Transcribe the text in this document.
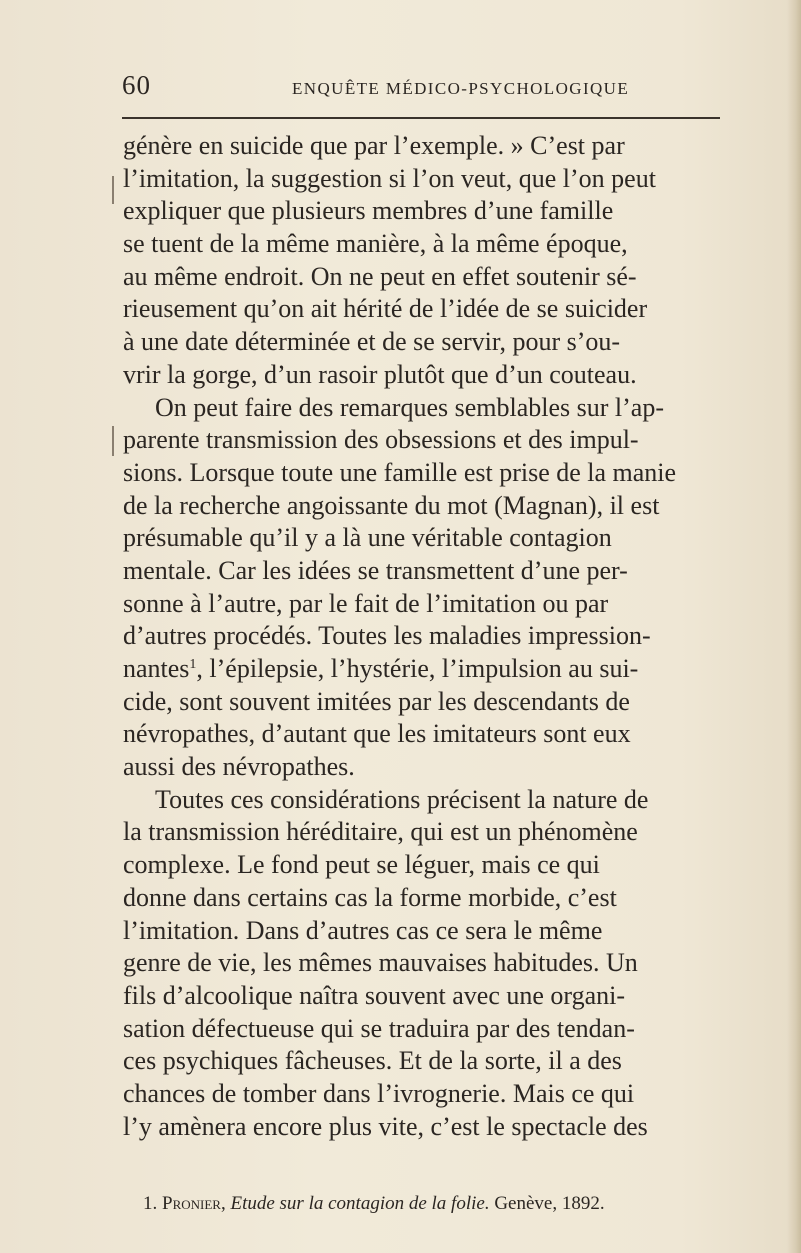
60	ENQUÊTE MÉDICO-PSYCHOLOGIQUE
génère en suicide que par l’exemple. » C’est par
l’imitation, la suggestion si l’on veut, que l’on peut
expliquer que plusieurs membres d’une famille
se tuent de la même manière, à la même époque,
au même endroit. On ne peut en effet soutenir sé-
rieusement qu’on ait hérité de l’idée de se suicider
à une date déterminée et de se servir, pour s’ou-
vrir la gorge, d’un rasoir plutôt que d’un couteau.
On peut faire des remarques semblables sur l’ap-
parente transmission des obsessions et des impul-
sions. Lorsque toute une famille est prise de la manie
de la recherche angoissante du mot (Magnan), il est
présumable qu’il y a là une véritable contagion
mentale. Car les idées se transmettent d’une per-
sonne à l’autre, par le fait de l’imitation ou par
d’autres procédés. Toutes les maladies impression-
nantes$^1$, l’épilepsie, l’hystérie, l’impulsion au sui-
cide, sont souvent imitées par les descendants de
névropathes, d’autant que les imitateurs sont eux
aussi des névropathes.
Toutes ces considérations précisent la nature de
la transmission héréditaire, qui est un phénomène
complexe. Le fond peut se léguer, mais ce qui
donne dans certains cas la forme morbide, c’est
l’imitation. Dans d’autres cas ce sera le même
genre de vie, les mêmes mauvaises habitudes. Un
fils d’alcoolique naîtra souvent avec une organi-
sation défectueuse qui se traduira par des tendan-
ces psychiques fâcheuses. Et de la sorte, il a des
chances de tomber dans l’ivrognerie. Mais ce qui
l’y amènera encore plus vite, c’est le spectacle des
1. Pronier, Etude sur la contagion de la folie. Genève, 1892.
